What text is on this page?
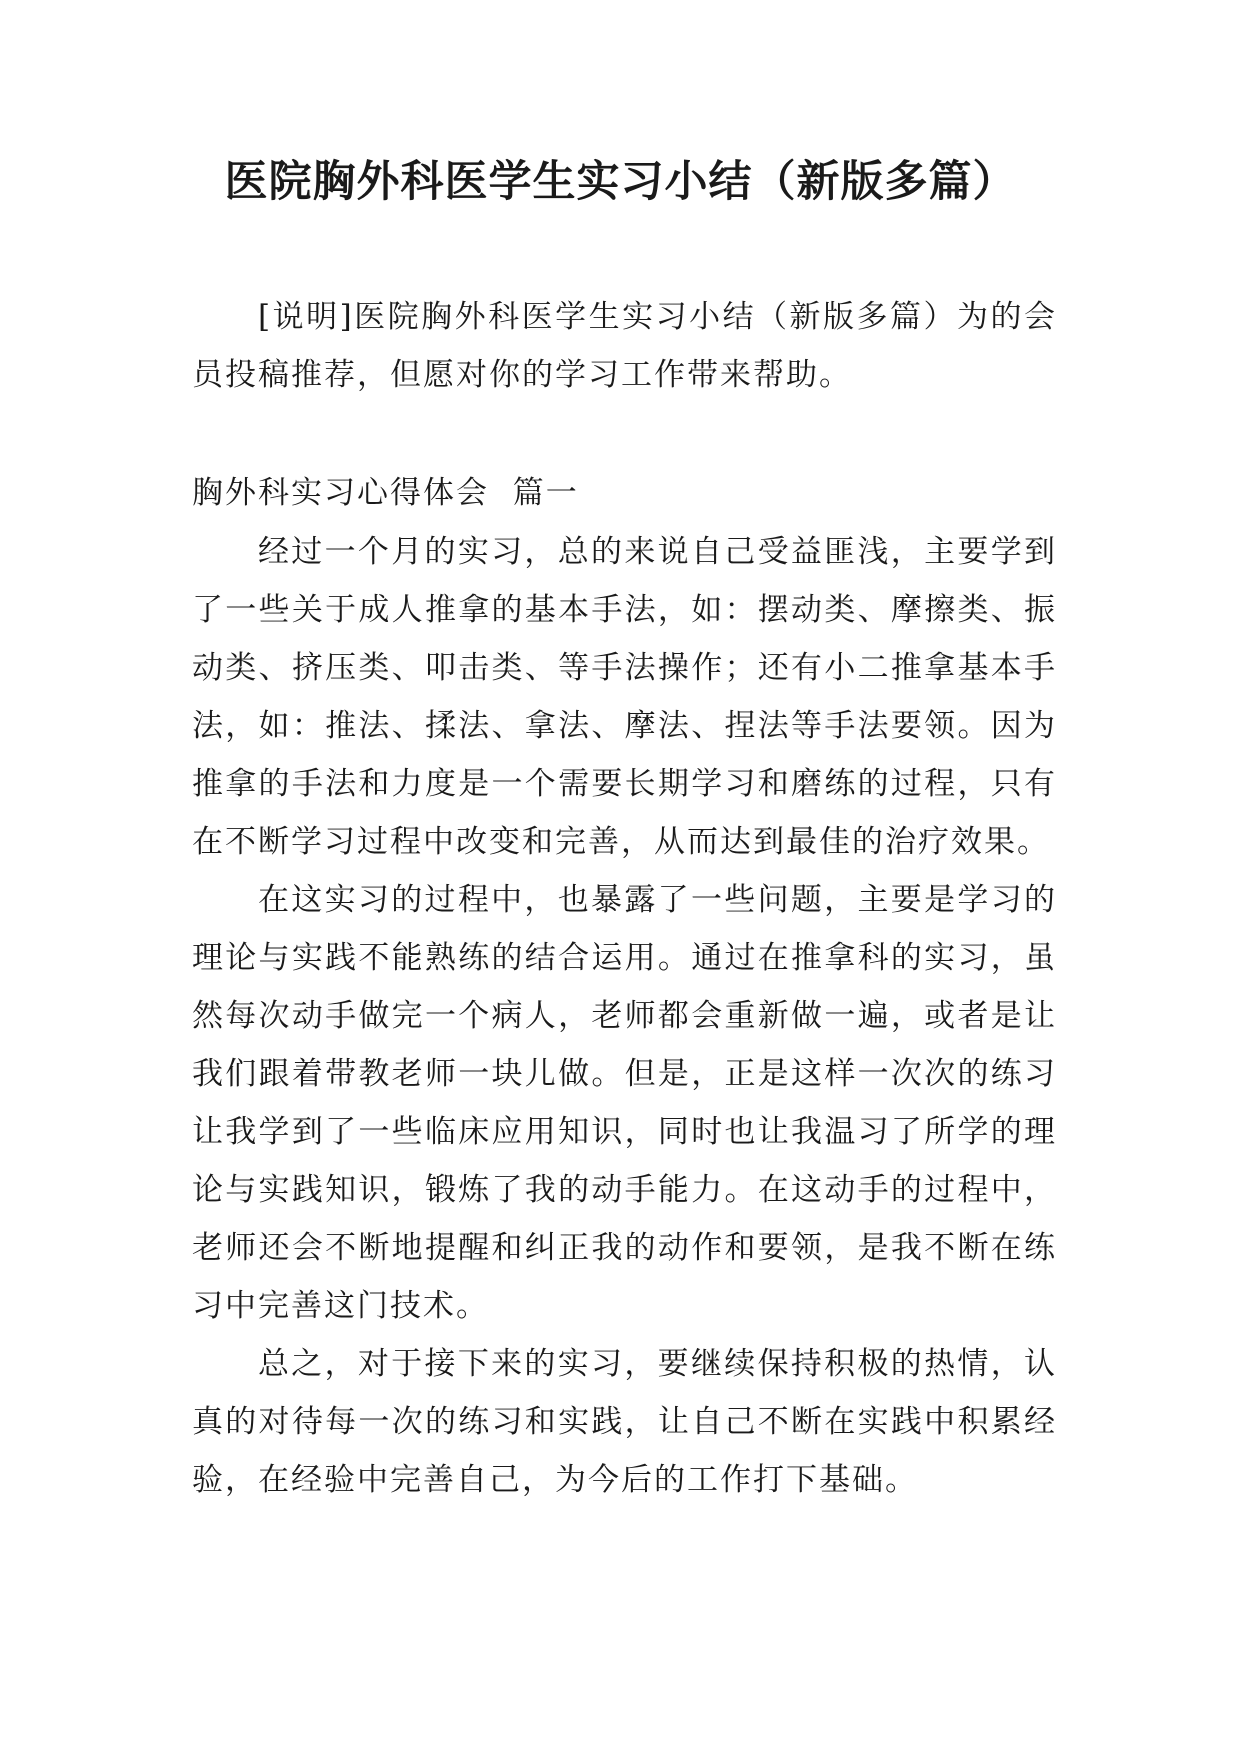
医院胸外科医学生实习小结（新版多篇）

[说明]医院胸外科医学生实习小结（新版多篇）为的会员投稿推荐，但愿对你的学习工作带来帮助。

胸外科实习心得体会  篇一

经过一个月的实习，总的来说自己受益匪浅，主要学到了一些关于成人推拿的基本手法，如：摆动类、摩擦类、振动类、挤压类、叩击类、等手法操作；还有小二推拿基本手法，如：推法、揉法、拿法、摩法、捏法等手法要领。因为推拿的手法和力度是一个需要长期学习和磨练的过程，只有在不断学习过程中改变和完善，从而达到最佳的治疗效果。

在这实习的过程中，也暴露了一些问题，主要是学习的理论与实践不能熟练的结合运用。通过在推拿科的实习，虽然每次动手做完一个病人，老师都会重新做一遍，或者是让我们跟着带教老师一块儿做。但是，正是这样一次次的练习让我学到了一些临床应用知识，同时也让我温习了所学的理论与实践知识，锻炼了我的动手能力。在这动手的过程中，老师还会不断地提醒和纠正我的动作和要领，是我不断在练习中完善这门技术。

总之，对于接下来的实习，要继续保持积极的热情，认真的对待每一次的练习和实践，让自己不断在实践中积累经验，在经验中完善自己，为今后的工作打下基础。
